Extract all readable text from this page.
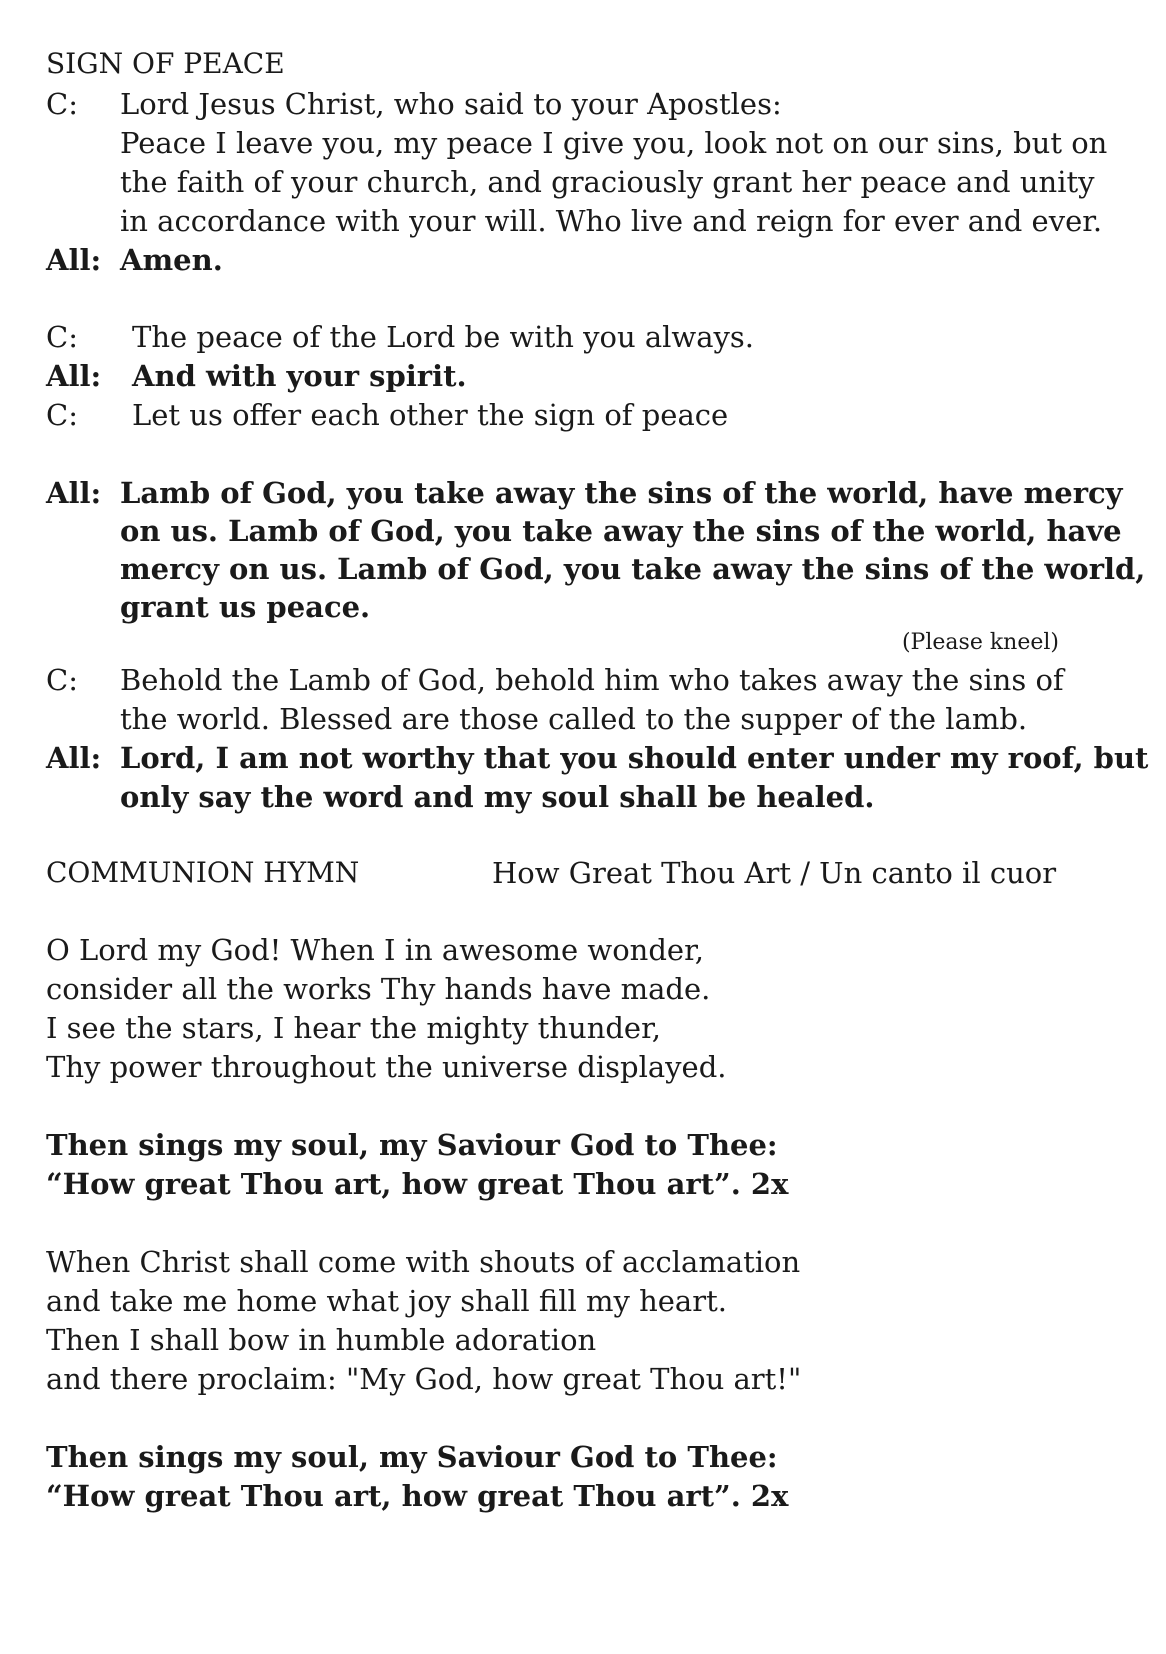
SIGN OF PEACE
C: Lord Jesus Christ, who said to your Apostles:
Peace I leave you, my peace I give you, look not on our sins, but on
the faith of your church, and graciously grant her peace and unity
in accordance with your will. Who live and reign for ever and ever.
All: Amen.
C: The peace of the Lord be with you always.
All: And with your spirit.
C: Let us offer each other the sign of peace
All: Lamb of God, you take away the sins of the world, have mercy
on us. Lamb of God, you take away the sins of the world, have
mercy on us. Lamb of God, you take away the sins of the world,
grant us peace.
(Please kneel)
C: Behold the Lamb of God, behold him who takes away the sins of
the world. Blessed are those called to the supper of the lamb.
All: Lord, I am not worthy that you should enter under my roof, but
only say the word and my soul shall be healed.
COMMUNION HYMN	How Great Thou Art / Un canto il cuor
O Lord my God! When I in awesome wonder,
consider all the works Thy hands have made.
I see the stars, I hear the mighty thunder,
Thy power throughout the universe displayed.
Then sings my soul, my Saviour God to Thee:
“How great Thou art, how great Thou art”. 2x
When Christ shall come with shouts of acclamation
and take me home what joy shall fill my heart.
Then I shall bow in humble adoration
and there proclaim: "My God, how great Thou art!"
Then sings my soul, my Saviour God to Thee:
“How great Thou art, how great Thou art”. 2x
